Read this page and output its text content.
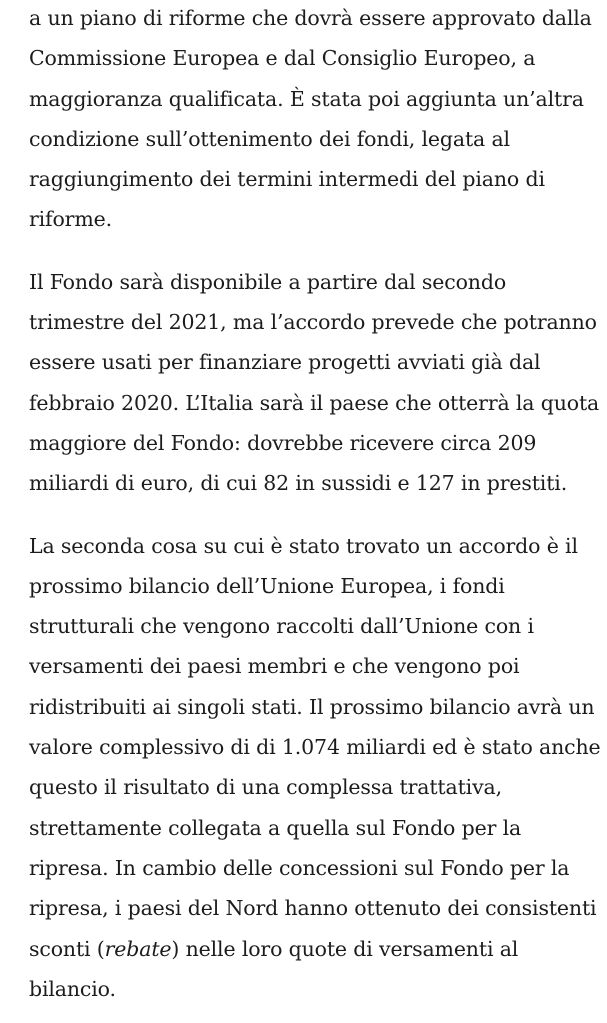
a un piano di riforme che dovrà essere approvato dalla
Commissione Europea e dal Consiglio Europeo, a
maggioranza qualificata. È stata poi aggiunta un’altra
condizione sull’ottenimento dei fondi, legata al
raggiungimento dei termini intermedi del piano di
riforme.

Il Fondo sarà disponibile a partire dal secondo
trimestre del 2021, ma l’accordo prevede che potranno
essere usati per finanziare progetti avviati già dal
febbraio 2020. L’Italia sarà il paese che otterrà la quota
maggiore del Fondo: dovrebbe ricevere circa 209
miliardi di euro, di cui 82 in sussidi e 127 in prestiti.

La seconda cosa su cui è stato trovato un accordo è il
prossimo bilancio dell’Unione Europea, i fondi
strutturali che vengono raccolti dall’Unione con i
versamenti dei paesi membri e che vengono poi
ridistribuiti ai singoli stati. Il prossimo bilancio avrà un
valore complessivo di di 1.074 miliardi ed è stato anche
questo il risultato di una complessa trattativa,
strettamente collegata a quella sul Fondo per la
ripresa. In cambio delle concessioni sul Fondo per la
ripresa, i paesi del Nord hanno ottenuto dei consistenti
sconti (rebate) nelle loro quote di versamenti al
bilancio.
